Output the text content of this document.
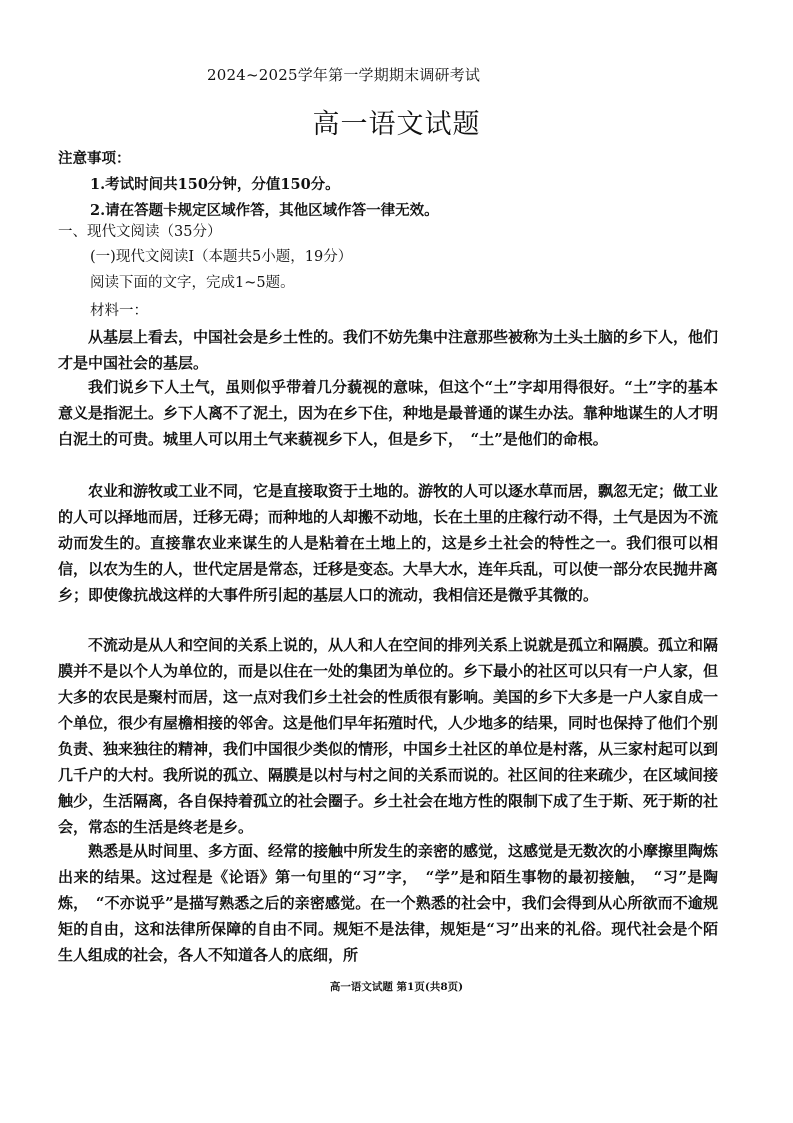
2024~2025学年第一学期期末调研考试
高一语文试题
注意事项：
1.考试时间共150分钟，分值150分。
2.请在答题卡规定区域作答，其他区域作答一律无效。
一、现代文阅读（35分）
(一)现代文阅读Ⅰ（本题共5小题，19分）
阅读下面的文字，完成1~5题。
材料一：
从基层上看去，中国社会是乡土性的。我们不妨先集中注意那些被称为土头土脑的乡下人，他们才是中国社会的基层。
我们说乡下人土气，虽则似乎带着几分藐视的意味，但这个“土”字却用得很好。“土”字的基本意义是指泥土。乡下人离不了泥土，因为在乡下住，种地是最普通的谋生办法。靠种地谋生的人才明白泥土的可贵。城里人可以用土气来藐视乡下人，但是乡下，　“土”是他们的命根。
农业和游牧或工业不同，它是直接取资于土地的。游牧的人可以逐水草而居，飘忽无定；做工业的人可以择地而居，迁移无碍；而种地的人却搬不动地，长在土里的庄稼行动不得，土气是因为不流动而发生的。直接靠农业来谋生的人是粘着在土地上的，这是乡土社会的特性之一。我们很可以相信，以农为生的人，世代定居是常态，迁移是变态。大旱大水，连年兵乱，可以使一部分农民抛井离乡；即使像抗战这样的大事件所引起的基层人口的流动，我相信还是微乎其微的。
不流动是从人和空间的关系上说的，从人和人在空间的排列关系上说就是孤立和隔膜。孤立和隔膜并不是以个人为单位的，而是以住在一处的集团为单位的。乡下最小的社区可以只有一户人家，但大多的农民是聚村而居，这一点对我们乡土社会的性质很有影响。美国的乡下大多是一户人家自成一个单位，很少有屋檐相接的邻舍。这是他们早年拓殖时代，人少地多的结果，同时也保持了他们个别负责、独来独往的精神，我们中国很少类似的情形，中国乡土社区的单位是村落，从三家村起可以到几千户的大村。我所说的孤立、隔膜是以村与村之间的关系而说的。社区间的往来疏少，在区域间接触少，生活隔离，各自保持着孤立的社会圈子。乡土社会在地方性的限制下成了生于斯、死于斯的社会，常态的生活是终老是乡。
熟悉是从时间里、多方面、经常的接触中所发生的亲密的感觉，这感觉是无数次的小摩擦里陶炼出来的结果。这过程是《论语》第一句里的“习”字，　“学”是和陌生事物的最初接触，　“习”是陶炼，　“不亦说乎”是描写熟悉之后的亲密感觉。在一个熟悉的社会中，我们会得到从心所欲而不逾规矩的自由，这和法律所保障的自由不同。规矩不是法律，规矩是“习”出来的礼俗。现代社会是个陌生人组成的社会，各人不知道各人的底细，所
高一语文试题 第1页(共8页)
